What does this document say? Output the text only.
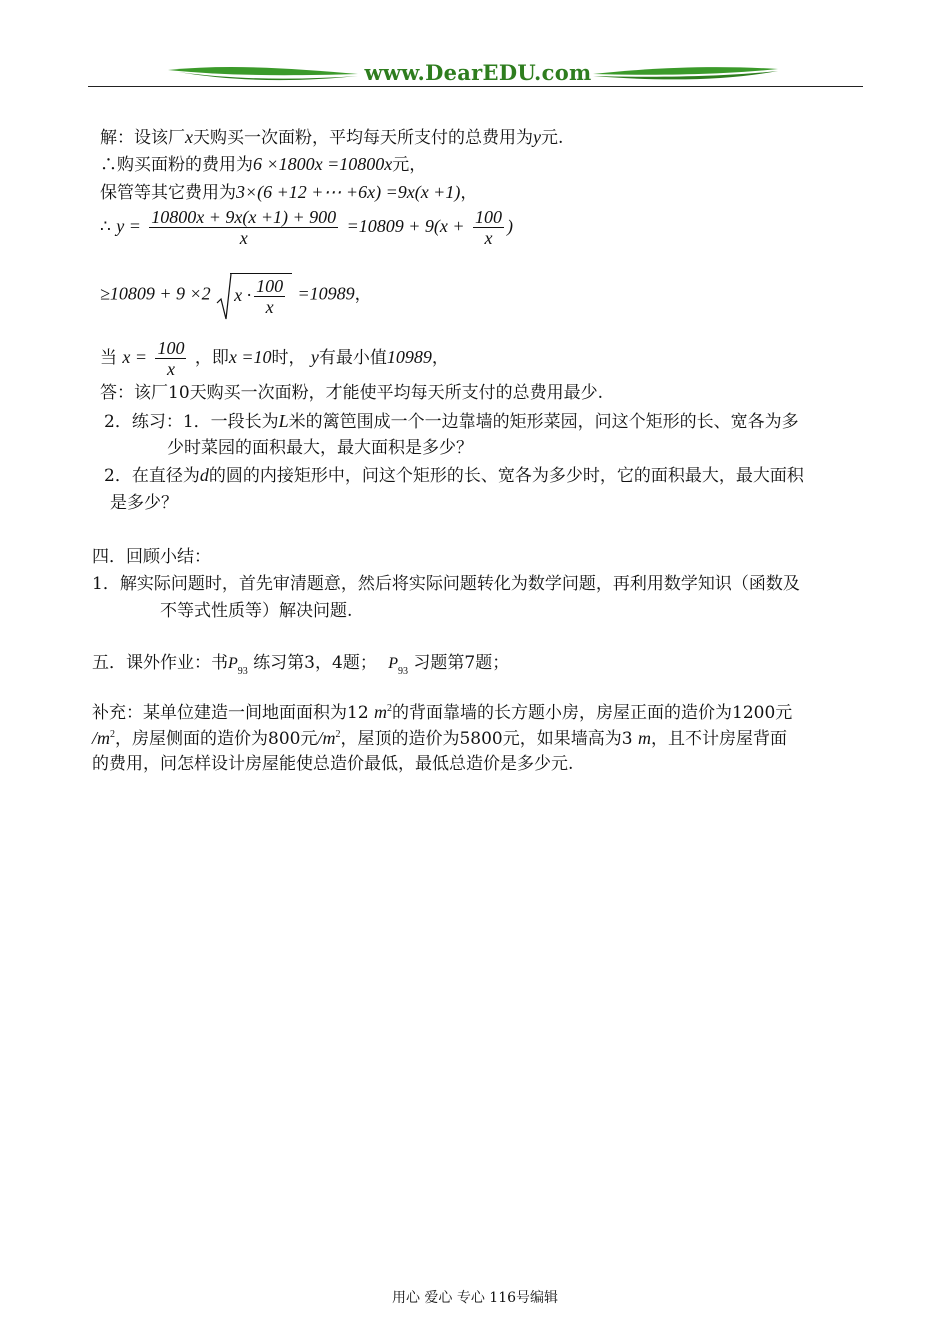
www.DearEDU.com
解：设该厂x天购买一次面粉，平均每天所支付的总费用为y元.
∴购买面粉的费用为6 ×1800x =10800x元，
保管等其它费用为3×(6 +12 +⋯ +6x) =9x(x +1)，
∴ $y = \frac{10800x + 9x(x +1) + 900}{x} =10809 + 9(x + \frac{100}{x}$ )
≥10809 + 9 ×2 $x \cdot \frac{100}{x} =10989$，
当 $x = \frac{100}{x}$ ，即x =10时， y有最小值10989，
答：该厂10天购买一次面粉，才能使平均每天所支付的总费用最少.
2．练习：1．一段长为L米的篱笆围成一个一边靠墙的矩形菜园，问这个矩形的长、宽各为多
少时菜园的面积最大，最大面积是多少？
2．在直径为d的圆的内接矩形中，问这个矩形的长、宽各为多少时，它的面积最大，最大面积
是多少？
四．回顾小结：
1．解实际问题时，首先审清题意，然后将实际问题转化为数学问题，再利用数学知识（函数及
不等式性质等）解决问题.
五．课外作业：书$P_{93}$ 练习第3，4题； $P_{93}$ 习题第7题；
补充：某单位建造一间地面面积为12 $m^2$的背面靠墙的长方题小房，房屋正面的造价为1200元
$/m^2$，房屋侧面的造价为800元$/m^2$，屋顶的造价为5800元，如果墙高为3 m，且不计房屋背面
的费用，问怎样设计房屋能使总造价最低，最低总造价是多少元.
用心 爱心 专心 116号编辑
